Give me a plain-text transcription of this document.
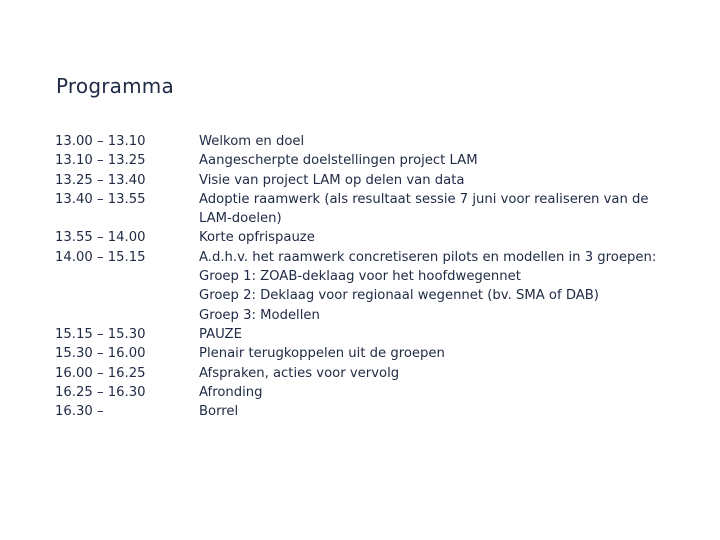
Programma
13.00 – 13.10	Welkom en doel
13.10 – 13.25	Aangescherpte doelstellingen project LAM
13.25 – 13.40	Visie van project LAM op delen van data
13.40 – 13.55	Adoptie raamwerk (als resultaat sessie 7 juni voor realiseren van de
LAM-doelen)
13.55 – 14.00	Korte opfrispauze
14.00 – 15.15	A.d.h.v. het raamwerk concretiseren pilots en modellen in 3 groepen:
Groep 1: ZOAB-deklaag voor het hoofdwegennet
Groep 2: Deklaag voor regionaal wegennet (bv. SMA of DAB)
Groep 3: Modellen
15.15 – 15.30	PAUZE
15.30 – 16.00	Plenair terugkoppelen uit de groepen
16.00 – 16.25	Afspraken, acties voor vervolg
16.25 – 16.30	Afronding
16.30 –	Borrel
